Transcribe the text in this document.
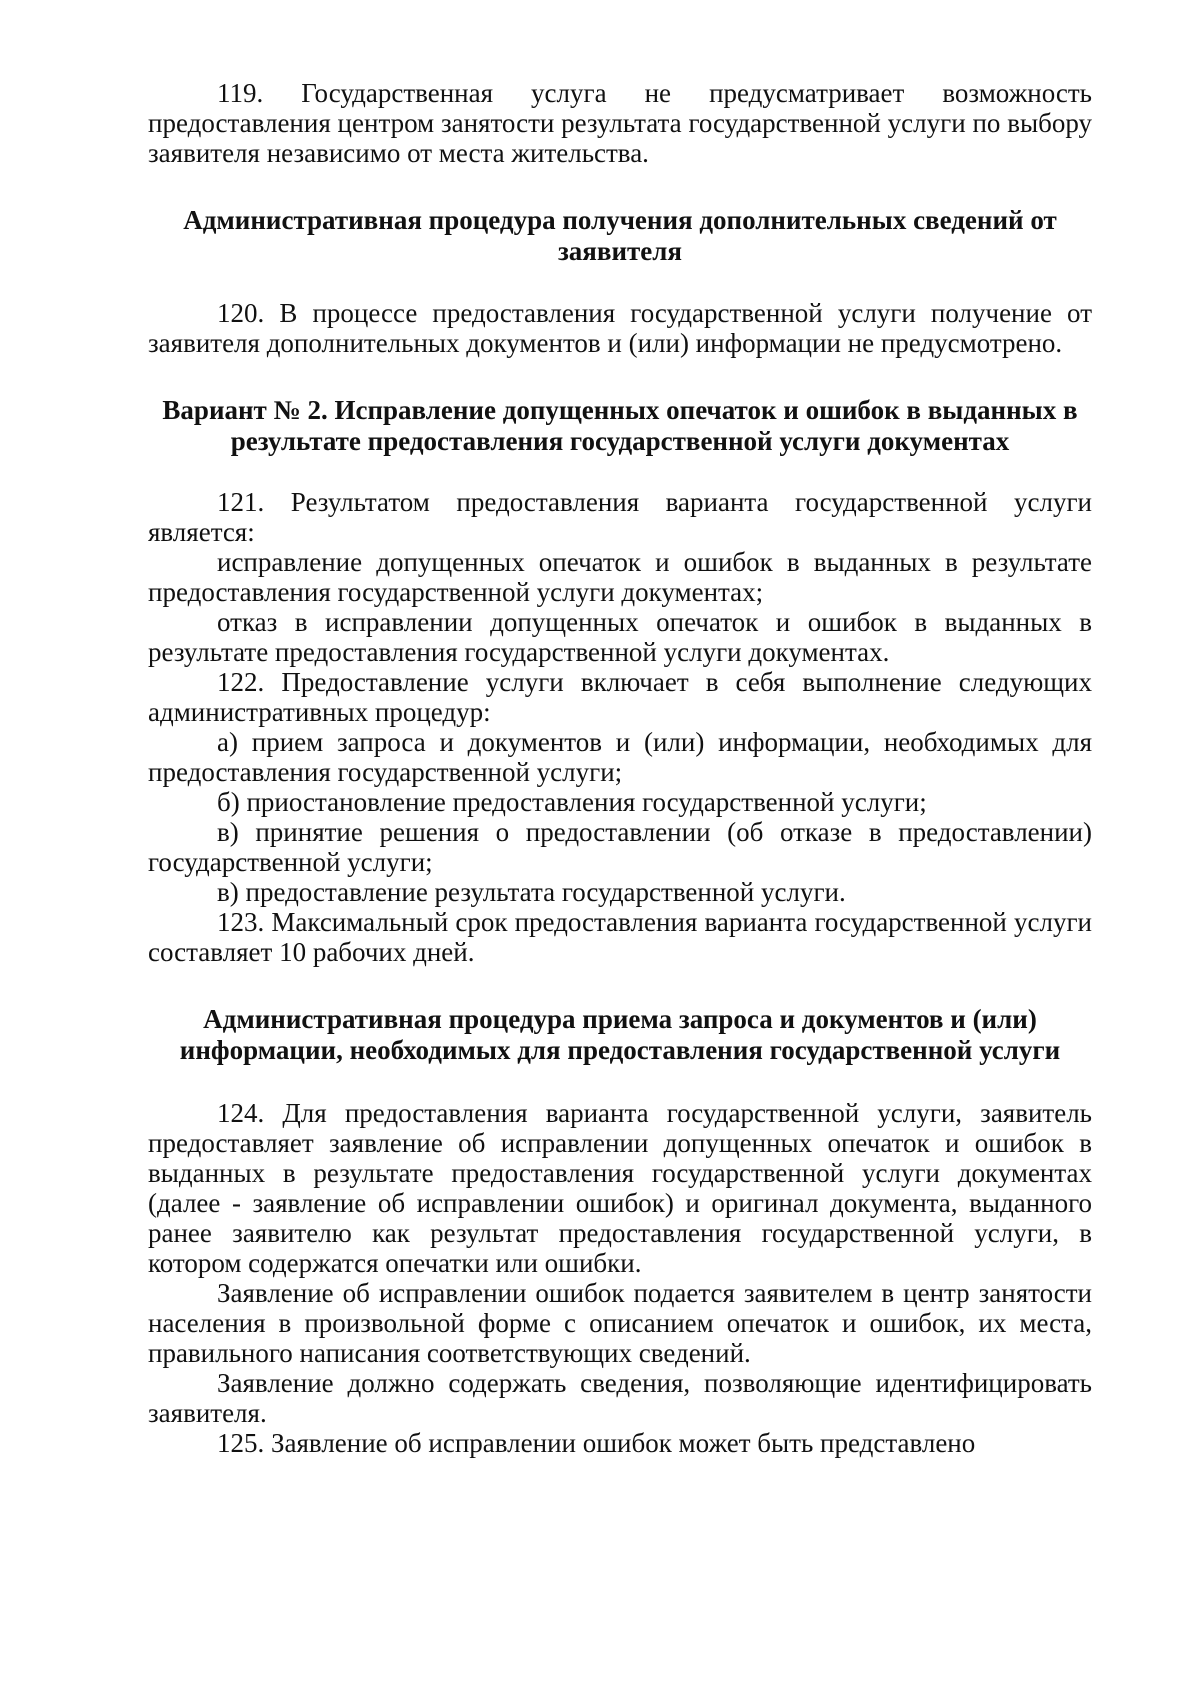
119. Государственная услуга не предусматривает возможность предоставления центром занятости результата государственной услуги по выбору заявителя независимо от места жительства.

Административная процедура получения дополнительных сведений от заявителя

120. В процессе предоставления государственной услуги получение от заявителя дополнительных документов и (или) информации не предусмотрено.

Вариант № 2. Исправление допущенных опечаток и ошибок в выданных в результате предоставления государственной услуги документах

121. Результатом предоставления варианта государственной услуги является:

исправление допущенных опечаток и ошибок в выданных в результате предоставления государственной услуги документах;

отказ в исправлении допущенных опечаток и ошибок в выданных в результате предоставления государственной услуги документах.

122. Предоставление услуги включает в себя выполнение следующих административных процедур:

а) прием запроса и документов и (или) информации, необходимых для предоставления государственной услуги;

б) приостановление предоставления государственной услуги;

в) принятие решения о предоставлении (об отказе в предоставлении) государственной услуги;

в) предоставление результата государственной услуги.

123. Максимальный срок предоставления варианта государственной услуги составляет 10 рабочих дней.

Административная процедура приема запроса и документов и (или) информации, необходимых для предоставления государственной услуги

124. Для предоставления варианта государственной услуги, заявитель предоставляет заявление об исправлении допущенных опечаток и ошибок в выданных в результате предоставления государственной услуги документах (далее - заявление об исправлении ошибок) и оригинал документа, выданного ранее заявителю как результат предоставления государственной услуги, в котором содержатся опечатки или ошибки.

Заявление об исправлении ошибок подается заявителем в центр занятости населения в произвольной форме с описанием опечаток и ошибок, их места, правильного написания соответствующих сведений.

Заявление должно содержать сведения, позволяющие идентифицировать заявителя.

125. Заявление об исправлении ошибок может быть представлено
